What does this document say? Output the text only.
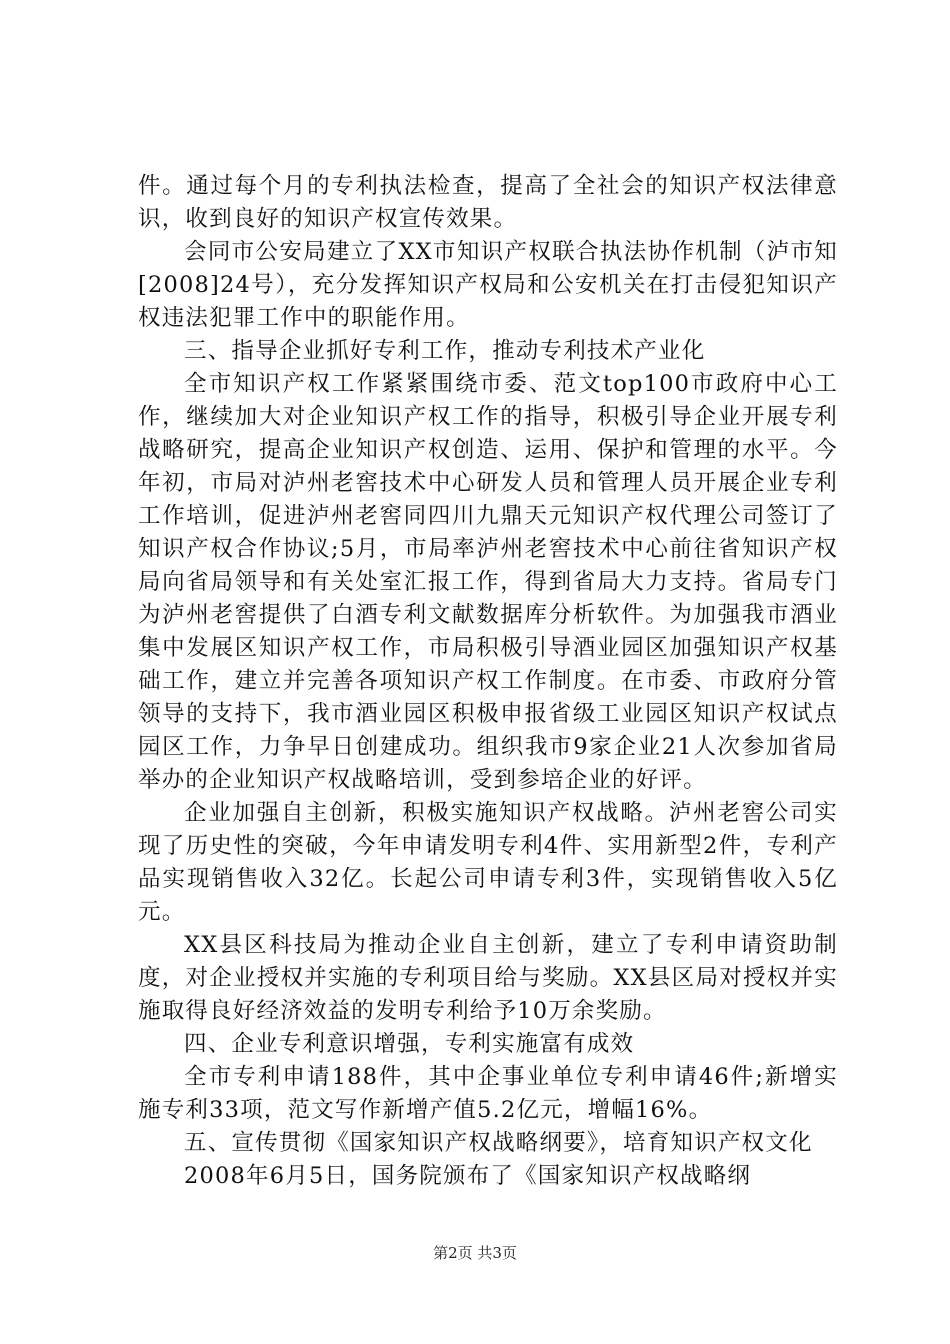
件。通过每个月的专利执法检查，提高了全社会的知识产权法律意识，收到良好的知识产权宣传效果。

会同市公安局建立了XX市知识产权联合执法协作机制（泸市知[2008]24号），充分发挥知识产权局和公安机关在打击侵犯知识产权违法犯罪工作中的职能作用。

三、指导企业抓好专利工作，推动专利技术产业化

全市知识产权工作紧紧围绕市委、范文top100市政府中心工作，继续加大对企业知识产权工作的指导，积极引导企业开展专利战略研究，提高企业知识产权创造、运用、保护和管理的水平。今年初，市局对泸州老窖技术中心研发人员和管理人员开展企业专利工作培训，促进泸州老窖同四川九鼎天元知识产权代理公司签订了知识产权合作协议;5月，市局率泸州老窖技术中心前往省知识产权局向省局领导和有关处室汇报工作，得到省局大力支持。省局专门为泸州老窖提供了白酒专利文献数据库分析软件。为加强我市酒业集中发展区知识产权工作，市局积极引导酒业园区加强知识产权基础工作，建立并完善各项知识产权工作制度。在市委、市政府分管领导的支持下，我市酒业园区积极申报省级工业园区知识产权试点园区工作，力争早日创建成功。组织我市9家企业21人次参加省局举办的企业知识产权战略培训，受到参培企业的好评。

企业加强自主创新，积极实施知识产权战略。泸州老窖公司实现了历史性的突破，今年申请发明专利4件、实用新型2件，专利产品实现销售收入32亿。长起公司申请专利3件，实现销售收入5亿元。

XX县区科技局为推动企业自主创新，建立了专利申请资助制度，对企业授权并实施的专利项目给与奖励。XX县区局对授权并实施取得良好经济效益的发明专利给予10万余奖励。

四、企业专利意识增强，专利实施富有成效

全市专利申请188件，其中企事业单位专利申请46件;新增实施专利33项，范文写作新增产值5.2亿元，增幅16%。

五、宣传贯彻《国家知识产权战略纲要》，培育知识产权文化

2008年6月5日，国务院颁布了《国家知识产权战略纲

第2页 共3页
